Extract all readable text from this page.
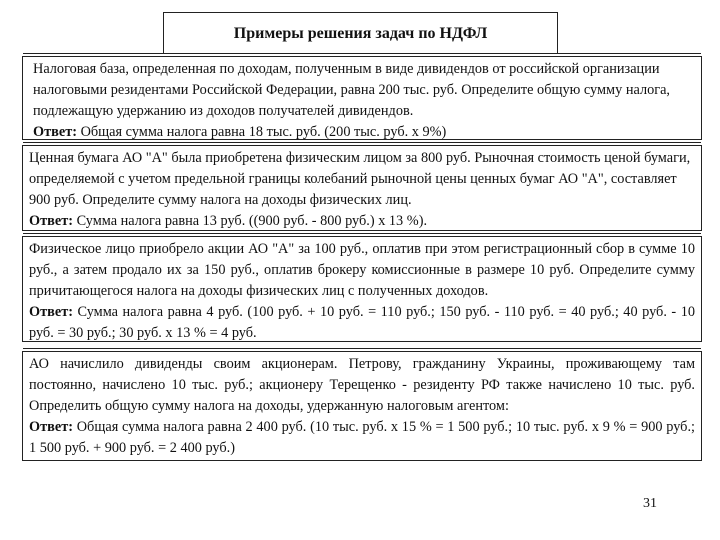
Примеры решения задач по НДФЛ
Налоговая база, определенная по доходам, полученным в виде дивидендов от российской организации налоговыми резидентами Российской Федерации, равна 200 тыс. руб. Определите общую сумму налога, подлежащую удержанию из доходов получателей дивидендов.
Ответ: Общая сумма налога равна 18 тыс. руб. (200 тыс. руб. х 9%)
Ценная бумага АО "А" была приобретена физическим лицом за 800 руб. Рыночная стоимость ценой бумаги, определяемой с учетом предельной границы колебаний рыночной цены ценных бумаг АО "А", составляет 900 руб. Определите сумму налога на доходы физических лиц.
Ответ: Сумма налога равна 13 руб. ((900 руб. - 800 руб.) х 13 %).
Физическое лицо приобрело акции АО "А" за 100 руб., оплатив при этом регистрационный сбор в сумме 10 руб., а затем продало их за 150 руб., оплатив брокеру комиссионные в размере 10 руб. Определите сумму причитающегося налога на доходы физических лиц с полученных доходов.
Ответ: Сумма налога равна 4 руб. (100 руб. + 10 руб. = 110 руб.; 150 руб. - 110 руб. = 40 руб.; 40 руб. - 10 руб. = 30 руб.; 30 руб. х 13 % = 4 руб.
АО начислило дивиденды своим акционерам. Петрову, гражданину Украины, проживающему там постоянно, начислено 10 тыс. руб.; акционеру Терещенко - резиденту РФ также начислено 10 тыс. руб. Определить общую сумму налога на доходы, удержанную налоговым агентом:
Ответ: Общая сумма налога равна 2 400 руб. (10 тыс. руб. х 15 % = 1 500 руб.; 10 тыс. руб. х 9 % = 900 руб.; 1 500 руб. + 900 руб. = 2 400 руб.)
31
